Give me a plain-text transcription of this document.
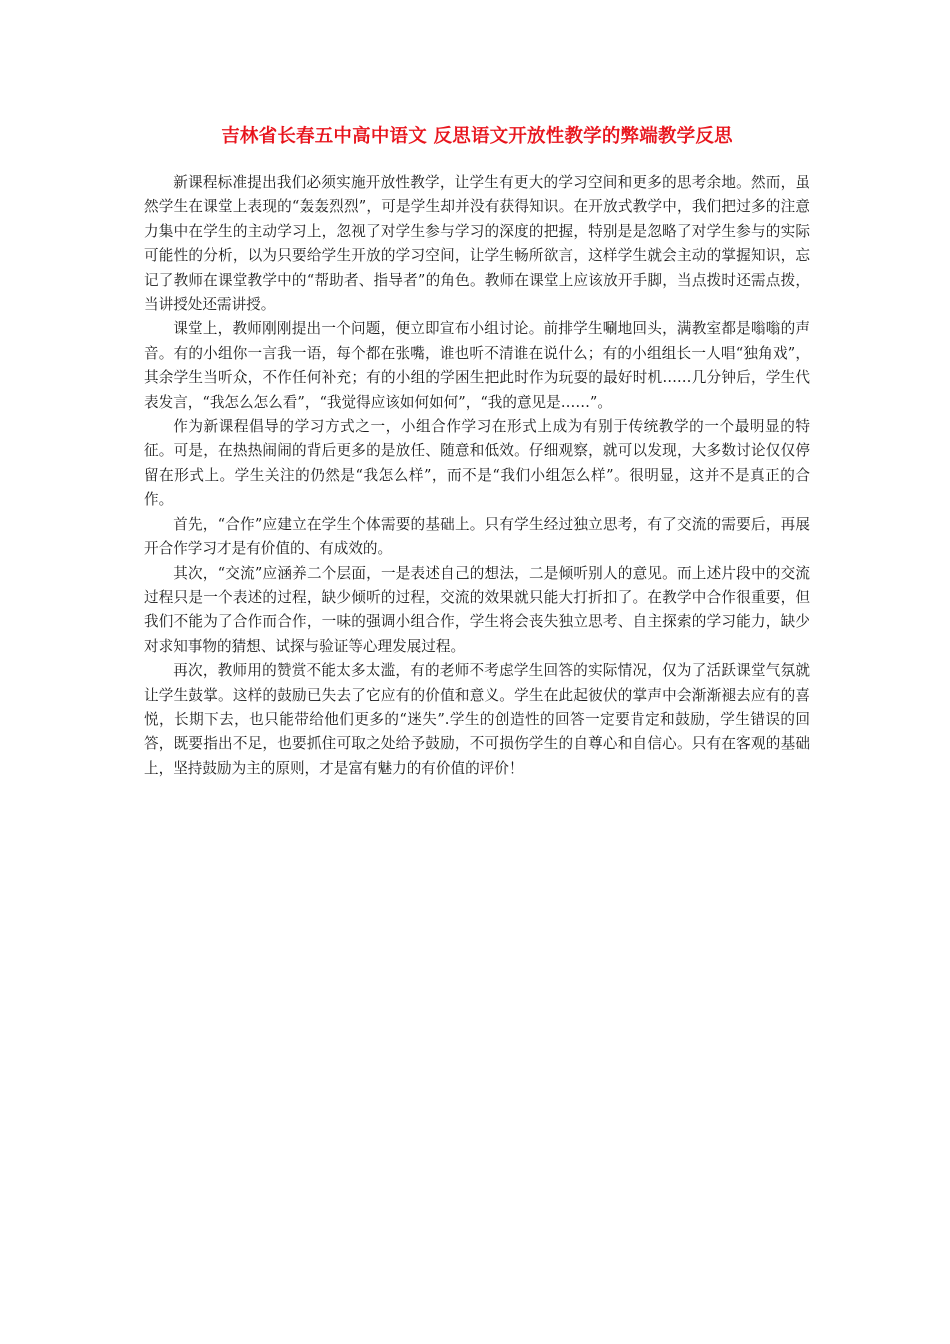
吉林省长春五中高中语文 反思语文开放性教学的弊端教学反思

新课程标准提出我们必须实施开放性教学，让学生有更大的学习空间和更多的思考余地。然而，虽然学生在课堂上表现的“轰轰烈烈”，可是学生却并没有获得知识。在开放式教学中，我们把过多的注意力集中在学生的主动学习上，忽视了对学生参与学习的深度的把握，特别是是忽略了对学生参与的实际可能性的分析，以为只要给学生开放的学习空间，让学生畅所欲言，这样学生就会主动的掌握知识，忘记了教师在课堂教学中的“帮助者、指导者”的角色。教师在课堂上应该放开手脚，当点拨时还需点拨，当讲授处还需讲授。

课堂上，教师刚刚提出一个问题，便立即宣布小组讨论。前排学生唰地回头，满教室都是嗡嗡的声音。有的小组你一言我一语，每个都在张嘴，谁也听不清谁在说什么；有的小组组长一人唱“独角戏”，其余学生当听众，不作任何补充；有的小组的学困生把此时作为玩耍的最好时机……几分钟后，学生代表发言，“我怎么怎么看”，“我觉得应该如何如何”，“我的意见是……”。

作为新课程倡导的学习方式之一，小组合作学习在形式上成为有别于传统教学的一个最明显的特征。可是，在热热闹闹的背后更多的是放任、随意和低效。仔细观察，就可以发现，大多数讨论仅仅停留在形式上。学生关注的仍然是“我怎么样”，而不是“我们小组怎么样”。很明显，这并不是真正的合作。

首先，“合作”应建立在学生个体需要的基础上。只有学生经过独立思考，有了交流的需要后，再展开合作学习才是有价值的、有成效的。

其次，“交流”应涵养二个层面，一是表述自己的想法，二是倾听别人的意见。而上述片段中的交流过程只是一个表述的过程，缺少倾听的过程，交流的效果就只能大打折扣了。在教学中合作很重要，但我们不能为了合作而合作，一味的强调小组合作，学生将会丧失独立思考、自主探索的学习能力，缺少对求知事物的猜想、试探与验证等心理发展过程。

再次，教师用的赞赏不能太多太滥，有的老师不考虑学生回答的实际情况，仅为了活跃课堂气氛就让学生鼓掌。这样的鼓励已失去了它应有的价值和意义。学生在此起彼伏的掌声中会渐渐褪去应有的喜悦，长期下去，也只能带给他们更多的“迷失”.学生的创造性的回答一定要肯定和鼓励，学生错误的回答，既要指出不足，也要抓住可取之处给予鼓励，不可损伤学生的自尊心和自信心。只有在客观的基础上，坚持鼓励为主的原则，才是富有魅力的有价值的评价！
